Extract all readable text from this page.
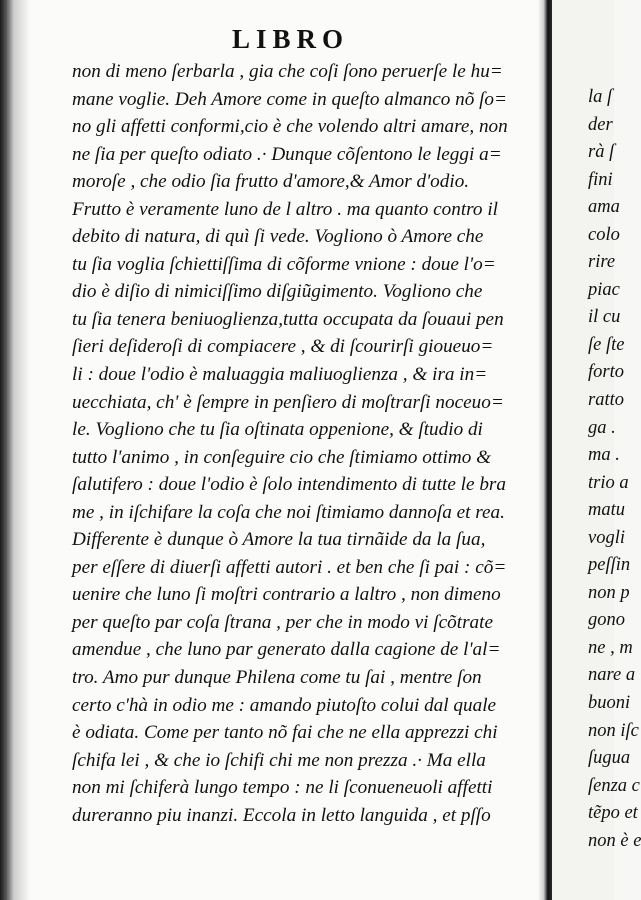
LIBRO
non di meno ſerbarla , gia che coſi ſono peruerſe le hu=
mane voglie. Deh Amore come in queſto almanco nõ ſo=
no gli affetti conformi,cio è che volendo altri amare, non
ne ſia per queſto odiato .· Dunque cõſentono le leggi a=
moroſe , che odio ſia frutto d'amore,& Amor d'odio.
Frutto è veramente luno de l altro . ma quanto contro il
debito di natura, di quì ſi vede. Vogliono ò Amore che
tu ſia voglia ſchiettiſſima di cõforme vnione : doue l'o=
dio è diſio di nimiciſſimo diſgiũgimento. Vogliono che
tu ſia tenera beniuoglienza,tutta occupata da ſouaui pen
ſieri deſideroſi di compiacere , & di ſcourirſi gioueuo=
li : doue l'odio è maluaggia maliuoglienza , & ira in=
uecchiata, ch' è ſempre in penſiero di moſtrarſi noceuo=
le. Vogliono che tu ſia oſtinata oppenione, & ſtudio di
tutto l'animo , in conſeguire cio che ſtimiamo ottimo &
ſalutifero : doue l'odio è ſolo intendimento di tutte le bra
me , in iſchifare la coſa che noi ſtimiamo dannoſa et rea.
Differente è dunque ò Amore la tua tirnãide da la ſua,
per eſſere di diuerſi affetti autori . et ben che ſi pai : cõ=
uenire che luno ſi moſtri contrario a laltro , non dimeno
per queſto par coſa ſtrana , per che in modo vi ſcõtrate
amendue , che luno par generato dalla cagione de l'al=
tro. Amo pur dunque Philena come tu ſai , mentre ſon
certo c'hà in odio me : amando piutoſto colui dal quale
è odiata. Come per tanto nõ fai che ne ella apprezzi chi
ſchifa lei , & che io ſchifi chi me non prezza .· Ma ella
non mi ſchiferà lungo tempo : ne li ſconueneuoli affetti
dureranno piu inanzi. Eccola in letto languida , et pſſo
la ſ
der
rà ſ
fini
ama
colo
rire
piac
il cu
ſe ſte
forto
ratto
ga .
ma .
trio a
matu
vogli
peſſin
non p
gono
ne , m
nare a
buoni
non iſc
ſugua
ſenza c
tẽpo et
non è e
